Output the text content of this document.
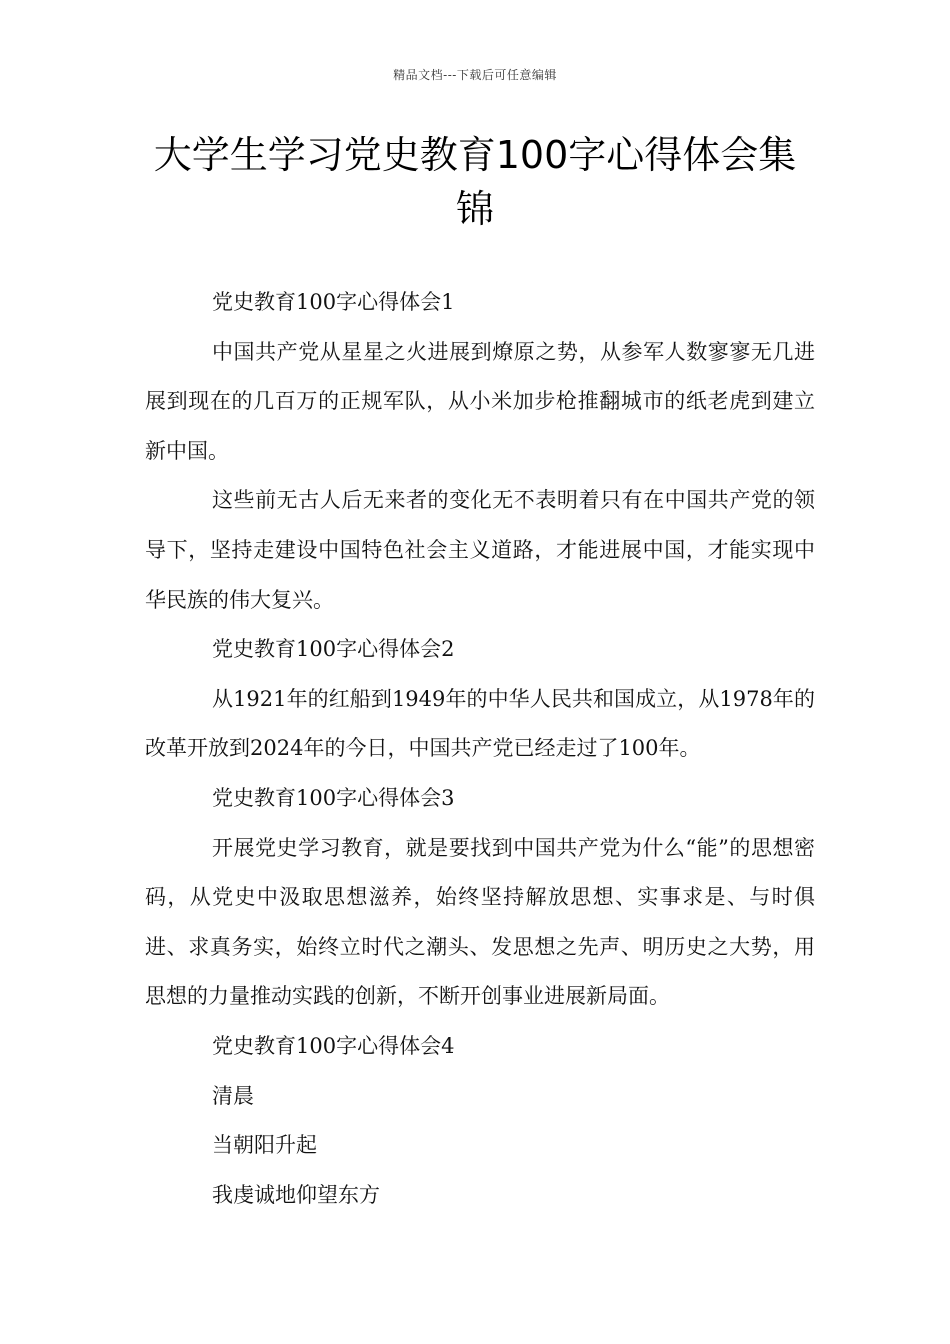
精品文档---下载后可任意编辑
大学生学习党史教育100字心得体会集锦

党史教育100字心得体会1

中国共产党从星星之火进展到燎原之势，从参军人数寥寥无几进展到现在的几百万的正规军队，从小米加步枪推翻城市的纸老虎到建立新中国。

这些前无古人后无来者的变化无不表明着只有在中国共产党的领导下，坚持走建设中国特色社会主义道路，才能进展中国，才能实现中华民族的伟大复兴。

党史教育100字心得体会2

从1921年的红船到1949年的中华人民共和国成立，从1978年的改革开放到2024年的今日，中国共产党已经走过了100年。

党史教育100字心得体会3

开展党史学习教育，就是要找到中国共产党为什么“能”的思想密码，从党史中汲取思想滋养，始终坚持解放思想、实事求是、与时俱进、求真务实，始终立时代之潮头、发思想之先声、明历史之大势，用思想的力量推动实践的创新，不断开创事业进展新局面。

党史教育100字心得体会4

清晨

当朝阳升起

我虔诚地仰望东方
